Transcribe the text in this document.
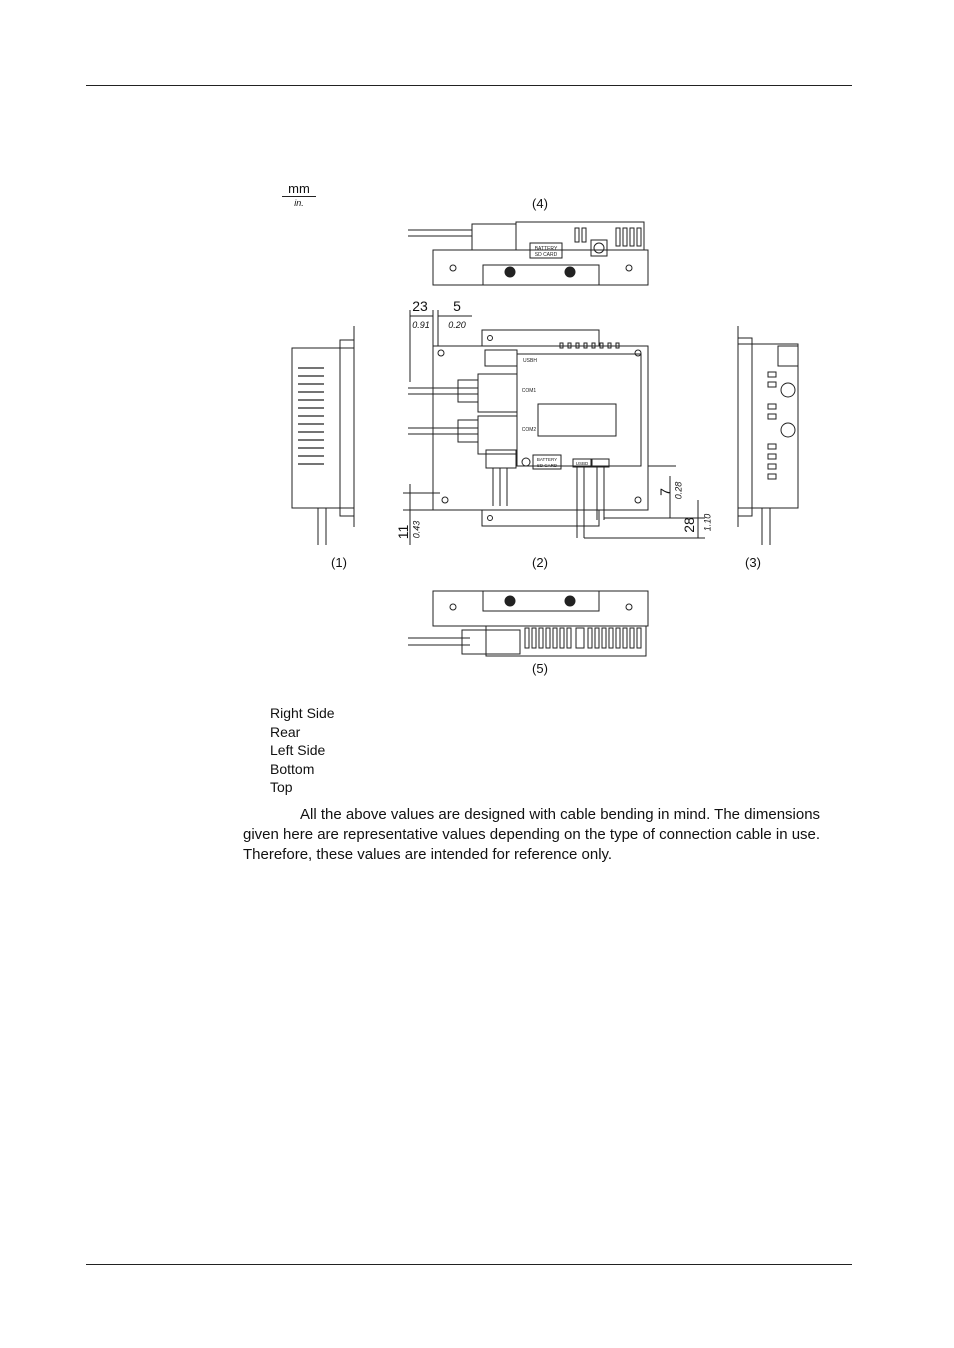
mm
in.
BATTERY
SD CARD
USBH
COM1
COM2
BATTERY
SD CARD	USBD
(4)
(1)	(2)	(3)
(5)
23
0.91
5
0.20
7 0.28
28 1.10
11 0.43
Right Side
Rear
Left Side
Bottom
Top

All the above values are designed with cable bending in mind. The dimensions given here are representative values depending on the type of connection cable in use. Therefore, these values are intended for reference only.
